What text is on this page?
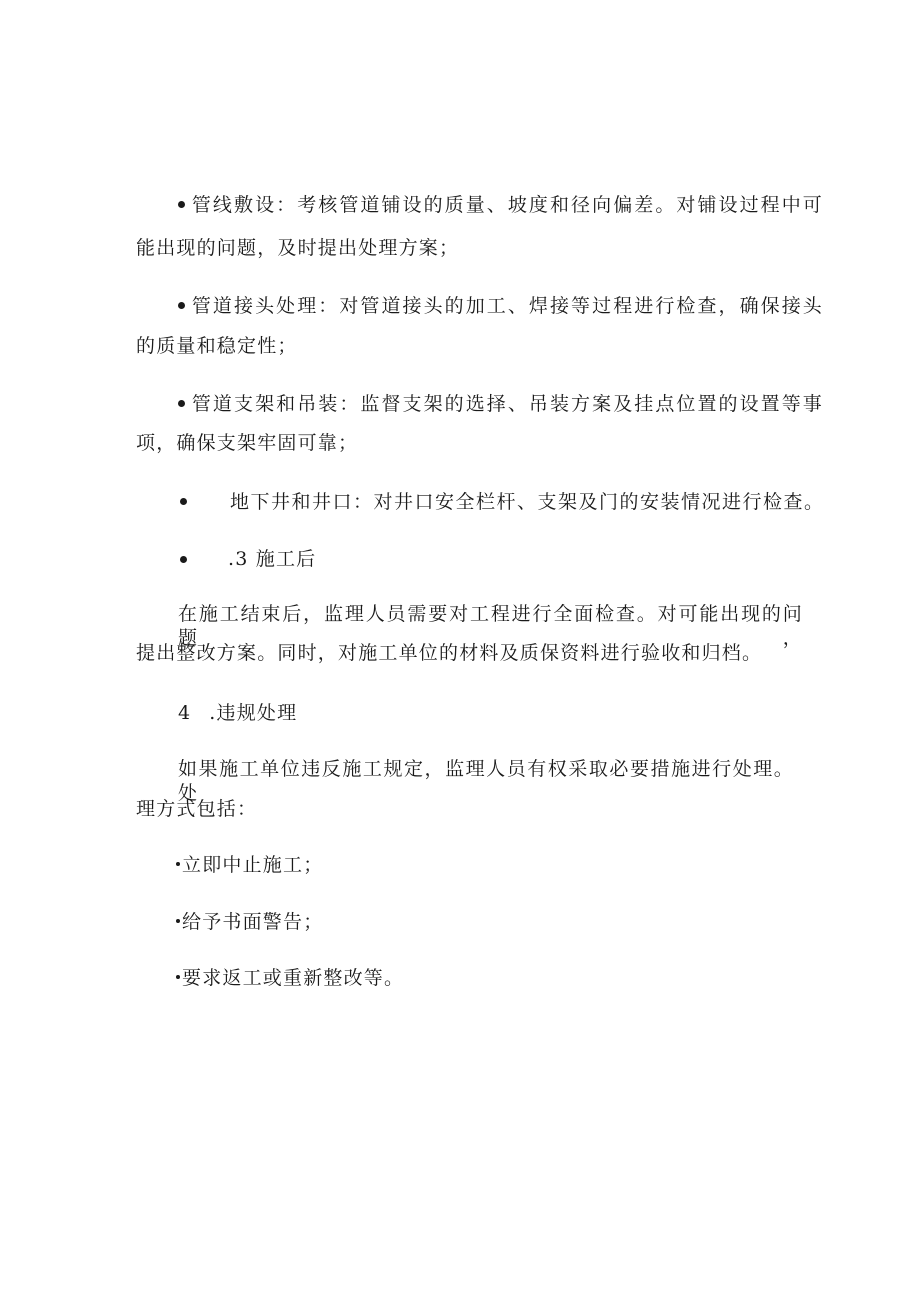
管线敷设：考核管道铺设的质量、坡度和径向偏差。对铺设过程中可
能出现的问题，及时提出处理方案；
管道接头处理：对管道接头的加工、焊接等过程进行检查，确保接头
的质量和稳定性；
管道支架和吊装：监督支架的选择、吊装方案及挂点位置的设置等事
项，确保支架牢固可靠；
地下井和井口：对井口安全栏杆、支架及门的安装情况进行检查。
.3 施工后
在施工结束后，监理人员需要对工程进行全面检查。对可能出现的问题，
提出整改方案。同时，对施工单位的材料及质保资料进行验收和归档。
4 .违规处理
如果施工单位违反施工规定，监理人员有权采取必要措施进行处理。处
理方式包括：
立即中止施工；
给予书面警告；
要求返工或重新整改等。
